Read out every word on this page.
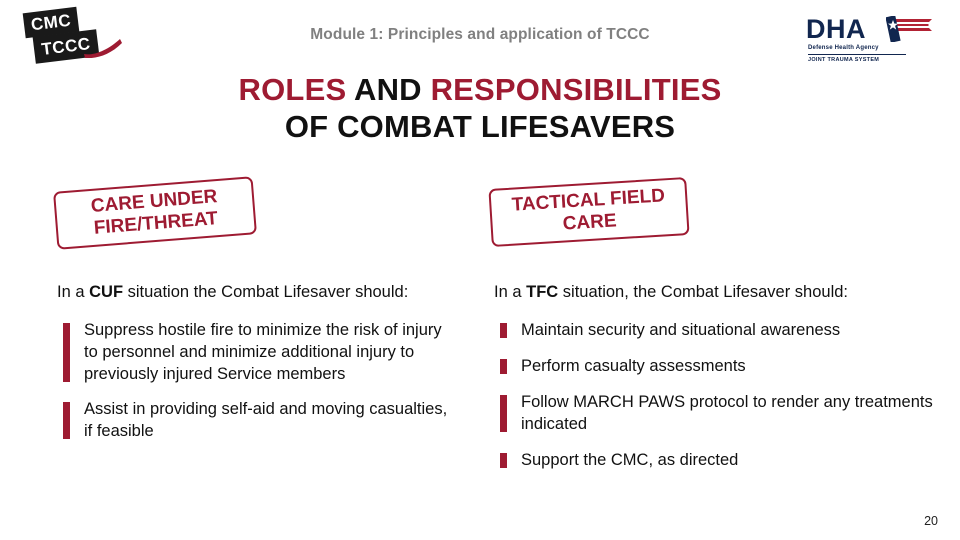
CMC
TCCC	Module 1: Principles and application of TCCC	DHA
Defense Health Agency
JOINT TRAUMA SYSTEM
ROLES AND RESPONSIBILITIES
OF COMBAT LIFESAVERS
CARE UNDER FIRE/THREAT
TACTICAL FIELD CARE

In a CUF situation the Combat Lifesaver should:

Suppress hostile fire to minimize the risk of injury to personnel and minimize additional injury to previously injured Service members
Assist in providing self-aid and moving casualties, if feasible

In a TFC situation, the Combat Lifesaver should:

Maintain security and situational awareness
Perform casualty assessments
Follow MARCH PAWS protocol to render any treatments indicated
Support the CMC, as directed
20
